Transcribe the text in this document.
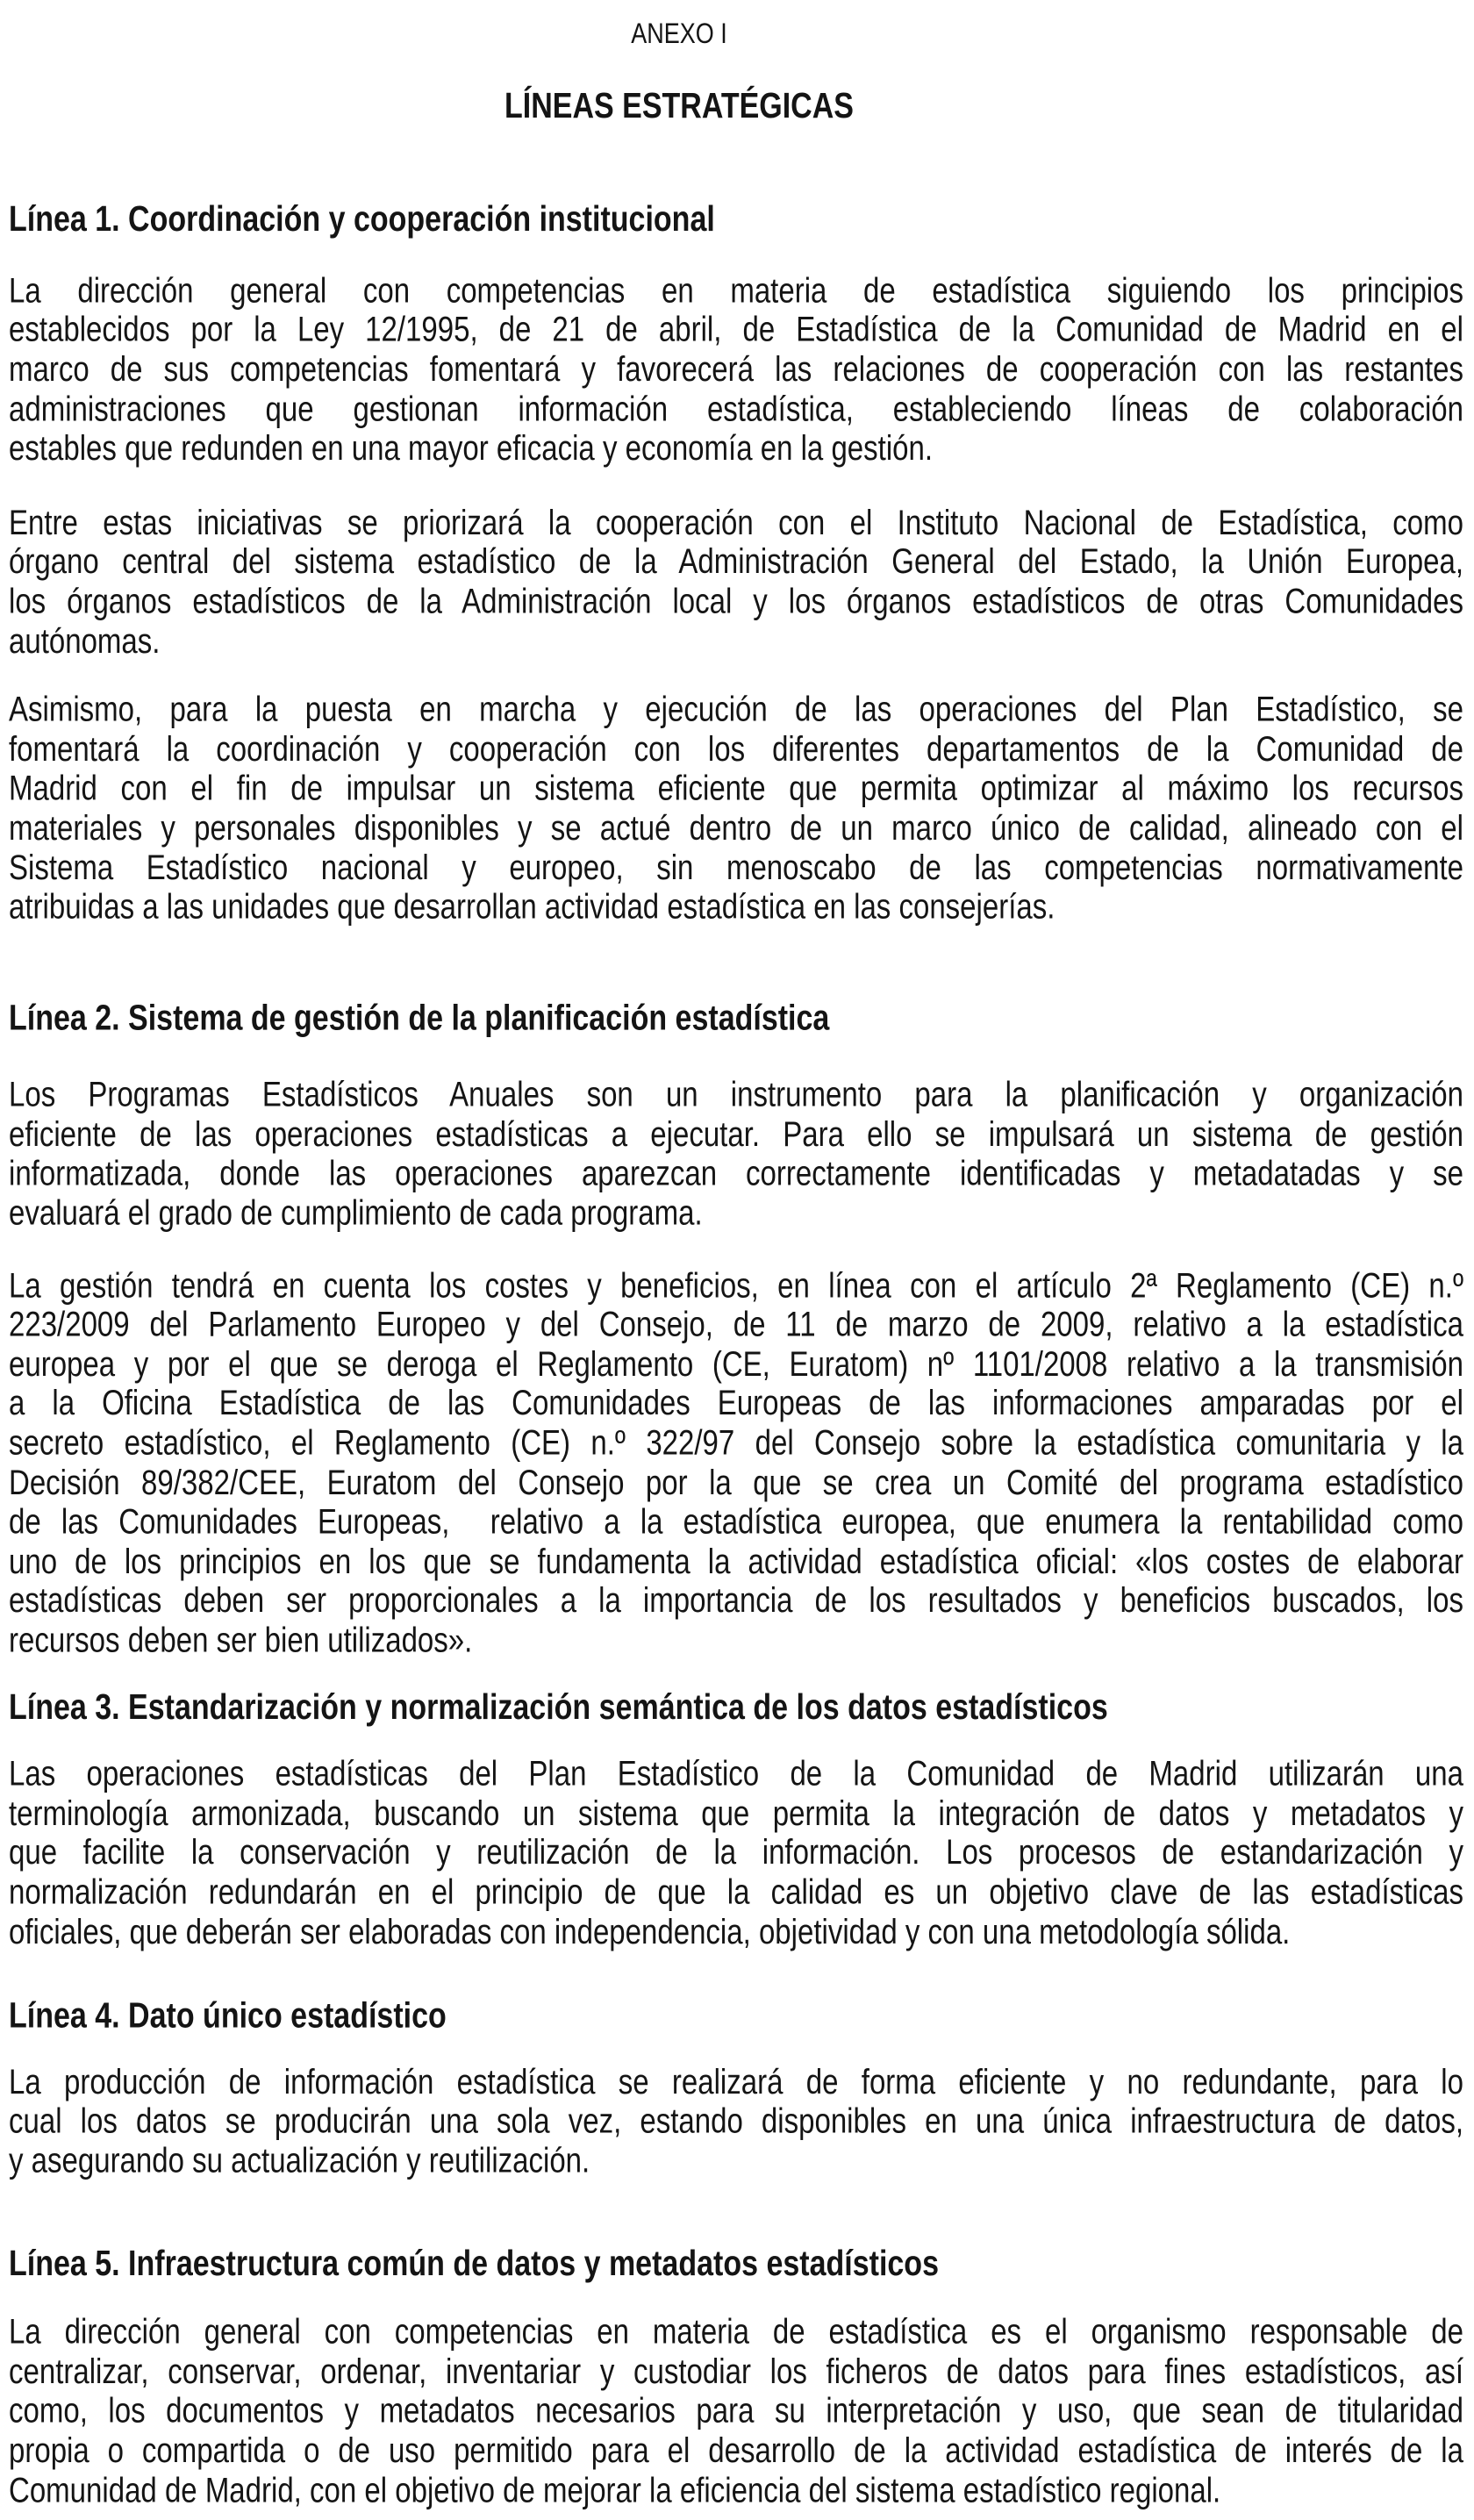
ANEXO I
LÍNEAS ESTRATÉGICAS
Línea 1. Coordinación y cooperación institucional
La dirección general con competencias en materia de estadística siguiendo los principios
establecidos por la Ley 12/1995, de 21 de abril, de Estadística de la Comunidad de Madrid en el
marco de sus competencias fomentará y favorecerá las relaciones de cooperación con las restantes
administraciones que gestionan información estadística, estableciendo líneas de colaboración
estables que redunden en una mayor eficacia y economía en la gestión.
Entre estas iniciativas se priorizará la cooperación con el Instituto Nacional de Estadística, como
órgano central del sistema estadístico de la Administración General del Estado, la Unión Europea,
los órganos estadísticos de la Administración local y los órganos estadísticos de otras Comunidades
autónomas.
Asimismo, para la puesta en marcha y ejecución de las operaciones del Plan Estadístico, se
fomentará la coordinación y cooperación con los diferentes departamentos de la Comunidad de
Madrid con el fin de impulsar un sistema eficiente que permita optimizar al máximo los recursos
materiales y personales disponibles y se actué dentro de un marco único de calidad, alineado con el
Sistema Estadístico nacional y europeo, sin menoscabo de las competencias normativamente
atribuidas a las unidades que desarrollan actividad estadística en las consejerías.
Línea 2. Sistema de gestión de la planificación estadística
Los Programas Estadísticos Anuales son un instrumento para la planificación y organización
eficiente de las operaciones estadísticas a ejecutar. Para ello se impulsará un sistema de gestión
informatizada, donde las operaciones aparezcan correctamente identificadas y metadatadas y se
evaluará el grado de cumplimiento de cada programa.
La gestión tendrá en cuenta los costes y beneficios, en línea con el artículo 2ª Reglamento (CE) n.º
223/2009 del Parlamento Europeo y del Consejo, de 11 de marzo de 2009, relativo a la estadística
europea y por el que se deroga el Reglamento (CE, Euratom) nº 1101/2008 relativo a la transmisión
a la Oficina Estadística de las Comunidades Europeas de las informaciones amparadas por el
secreto estadístico, el Reglamento (CE) n.º 322/97 del Consejo sobre la estadística comunitaria y la
Decisión 89/382/CEE, Euratom del Consejo por la que se crea un Comité del programa estadístico
de las Comunidades Europeas,  relativo a la estadística europea, que enumera la rentabilidad como
uno de los principios en los que se fundamenta la actividad estadística oficial: «los costes de elaborar
estadísticas deben ser proporcionales a la importancia de los resultados y beneficios buscados, los
recursos deben ser bien utilizados».
Línea 3. Estandarización y normalización semántica de los datos estadísticos
Las operaciones estadísticas del Plan Estadístico de la Comunidad de Madrid utilizarán una
terminología armonizada, buscando un sistema que permita la integración de datos y metadatos y
que facilite la conservación y reutilización de la información. Los procesos de estandarización y
normalización redundarán en el principio de que la calidad es un objetivo clave de las estadísticas
oficiales, que deberán ser elaboradas con independencia, objetividad y con una metodología sólida.
Línea 4. Dato único estadístico
La producción de información estadística se realizará de forma eficiente y no redundante, para lo
cual los datos se producirán una sola vez, estando disponibles en una única infraestructura de datos,
y asegurando su actualización y reutilización.
Línea 5. Infraestructura común de datos y metadatos estadísticos
La dirección general con competencias en materia de estadística es el organismo responsable de
centralizar, conservar, ordenar, inventariar y custodiar los ficheros de datos para fines estadísticos, así
como, los documentos y metadatos necesarios para su interpretación y uso, que sean de titularidad
propia o compartida o de uso permitido para el desarrollo de la actividad estadística de interés de la
Comunidad de Madrid, con el objetivo de mejorar la eficiencia del sistema estadístico regional.
